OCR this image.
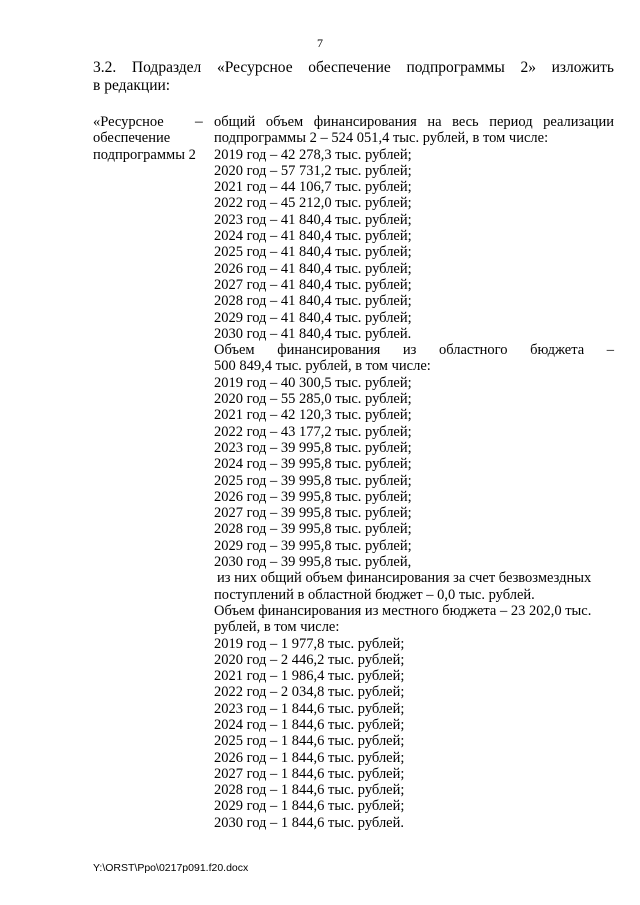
7
3.2. Подраздел «Ресурсное обеспечение подпрограммы 2» изложить
в редакции:
«Ресурсное
обеспечение
подпрограммы 2
– общий объем финансирования на весь период реализации
подпрограммы 2 – 524 051,4 тыс. рублей, в том числе:
2019 год – 42 278,3 тыс. рублей;
2020 год – 57 731,2 тыс. рублей;
2021 год – 44 106,7 тыс. рублей;
2022 год – 45 212,0 тыс. рублей;
2023 год – 41 840,4 тыс. рублей;
2024 год – 41 840,4 тыс. рублей;
2025 год – 41 840,4 тыс. рублей;
2026 год – 41 840,4 тыс. рублей;
2027 год – 41 840,4 тыс. рублей;
2028 год – 41 840,4 тыс. рублей;
2029 год – 41 840,4 тыс. рублей;
2030 год – 41 840,4 тыс. рублей.
Объем финансирования из областного бюджета –
500 849,4 тыс. рублей, в том числе:
2019 год – 40 300,5 тыс. рублей;
2020 год – 55 285,0 тыс. рублей;
2021 год – 42 120,3 тыс. рублей;
2022 год – 43 177,2 тыс. рублей;
2023 год – 39 995,8 тыс. рублей;
2024 год – 39 995,8 тыс. рублей;
2025 год – 39 995,8 тыс. рублей;
2026 год – 39 995,8 тыс. рублей;
2027 год – 39 995,8 тыс. рублей;
2028 год – 39 995,8 тыс. рублей;
2029 год – 39 995,8 тыс. рублей;
2030 год – 39 995,8 тыс. рублей,
из них общий объем финансирования за счет безвозмездных
поступлений в областной бюджет – 0,0 тыс. рублей.
Объем финансирования из местного бюджета – 23 202,0 тыс.
рублей, в том числе:
2019 год – 1 977,8 тыс. рублей;
2020 год – 2 446,2 тыс. рублей;
2021 год – 1 986,4 тыс. рублей;
2022 год – 2 034,8 тыс. рублей;
2023 год – 1 844,6 тыс. рублей;
2024 год – 1 844,6 тыс. рублей;
2025 год – 1 844,6 тыс. рублей;
2026 год – 1 844,6 тыс. рублей;
2027 год – 1 844,6 тыс. рублей;
2028 год – 1 844,6 тыс. рублей;
2029 год – 1 844,6 тыс. рублей;
2030 год – 1 844,6 тыс. рублей.
Y:\ORST\Ppo\0217p091.f20.docx
